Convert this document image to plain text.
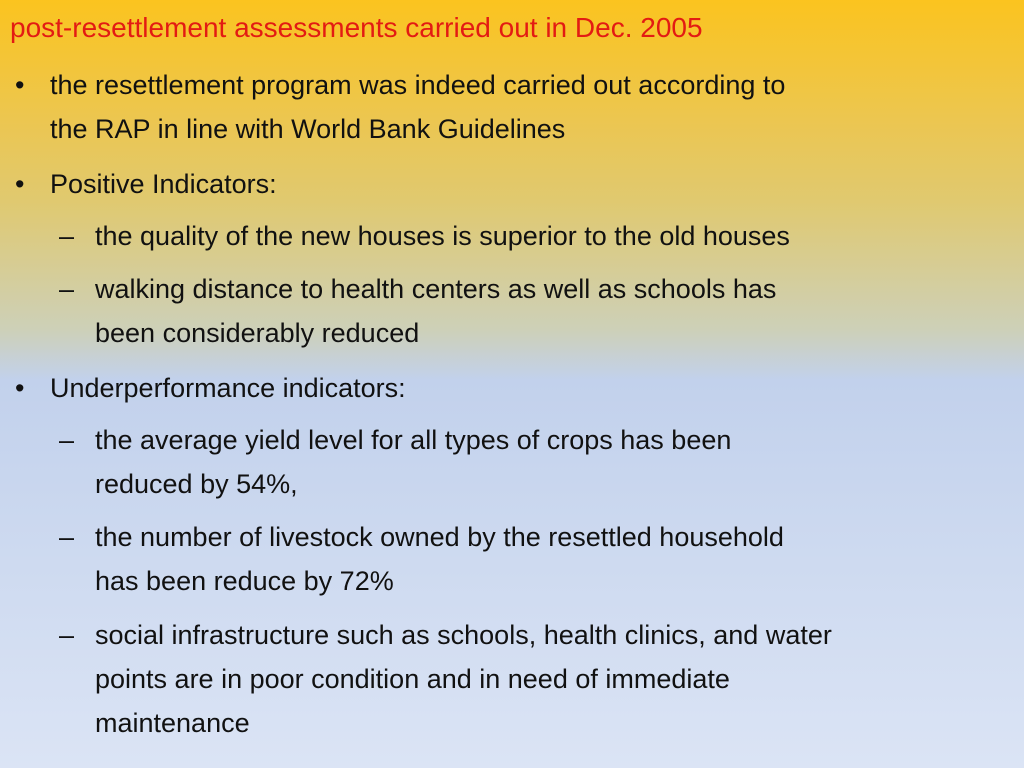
post-resettlement assessments carried out in Dec. 2005
• the resettlement program was indeed carried out according to
the RAP in line with World Bank Guidelines
• Positive Indicators:
– the quality of the new houses is superior to the old houses
– walking distance to health centers as well as schools has
been considerably reduced
• Underperformance indicators:
– the average yield level for all types of crops has been
reduced by 54%,
– the number of livestock owned by the resettled household
has been reduce by 72%
– social infrastructure such as schools, health clinics, and water
points are in poor condition and in need of immediate
maintenance
